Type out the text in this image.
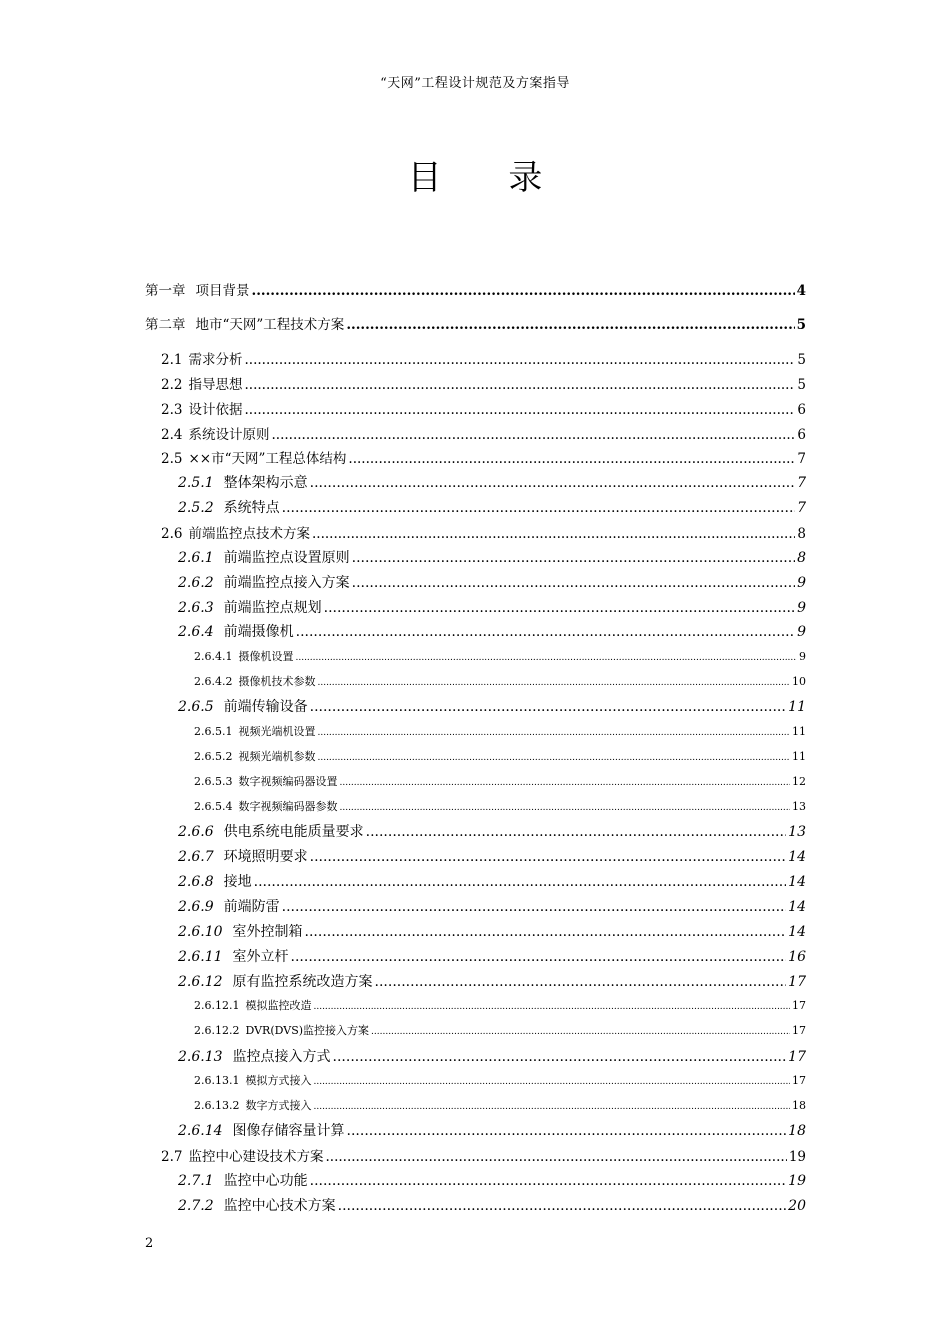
“天网”工程设计规范及方案指导
目 录
第一章 项目背景 .....	4
第二章 地市“天网”工程技术方案 .....	5
2.1 需求分析 .....	5
2.2 指导思想 .....	5
2.3 设计依据 .....	6
2.4 系统设计原则 .....	6
2.5 ××市“天网”工程总体结构 .....	7
2.5.1 整体架构示意 .....	7
2.5.2 系统特点 .....	7
2.6 前端监控点技术方案 .....	8
2.6.1 前端监控点设置原则 .....	8
2.6.2 前端监控点接入方案 .....	9
2.6.3 前端监控点规划 .....	9
2.6.4 前端摄像机 .....	9
2.6.4.1 摄像机设置 .....	9
2.6.4.2 摄像机技术参数 .....	10
2.6.5 前端传输设备 .....	11
2.6.5.1 视频光端机设置 .....	11
2.6.5.2 视频光端机参数 .....	11
2.6.5.3 数字视频编码器设置 .....	12
2.6.5.4 数字视频编码器参数 .....	13
2.6.6 供电系统电能质量要求 .....	13
2.6.7 环境照明要求 .....	14
2.6.8 接地 .....	14
2.6.9 前端防雷 .....	14
2.6.10 室外控制箱 .....	14
2.6.11 室外立杆 .....	16
2.6.12 原有监控系统改造方案 .....	17
2.6.12.1 模拟监控改造 .....	17
2.6.12.2 DVR(DVS)监控接入方案 .....	17
2.6.13 监控点接入方式 .....	17
2.6.13.1 模拟方式接入 .....	17
2.6.13.2 数字方式接入 .....	18
2.6.14 图像存储容量计算 .....	18
2.7 监控中心建设技术方案 .....	19
2.7.1 监控中心功能 .....	19
2.7.2 监控中心技术方案 .....	20
2
